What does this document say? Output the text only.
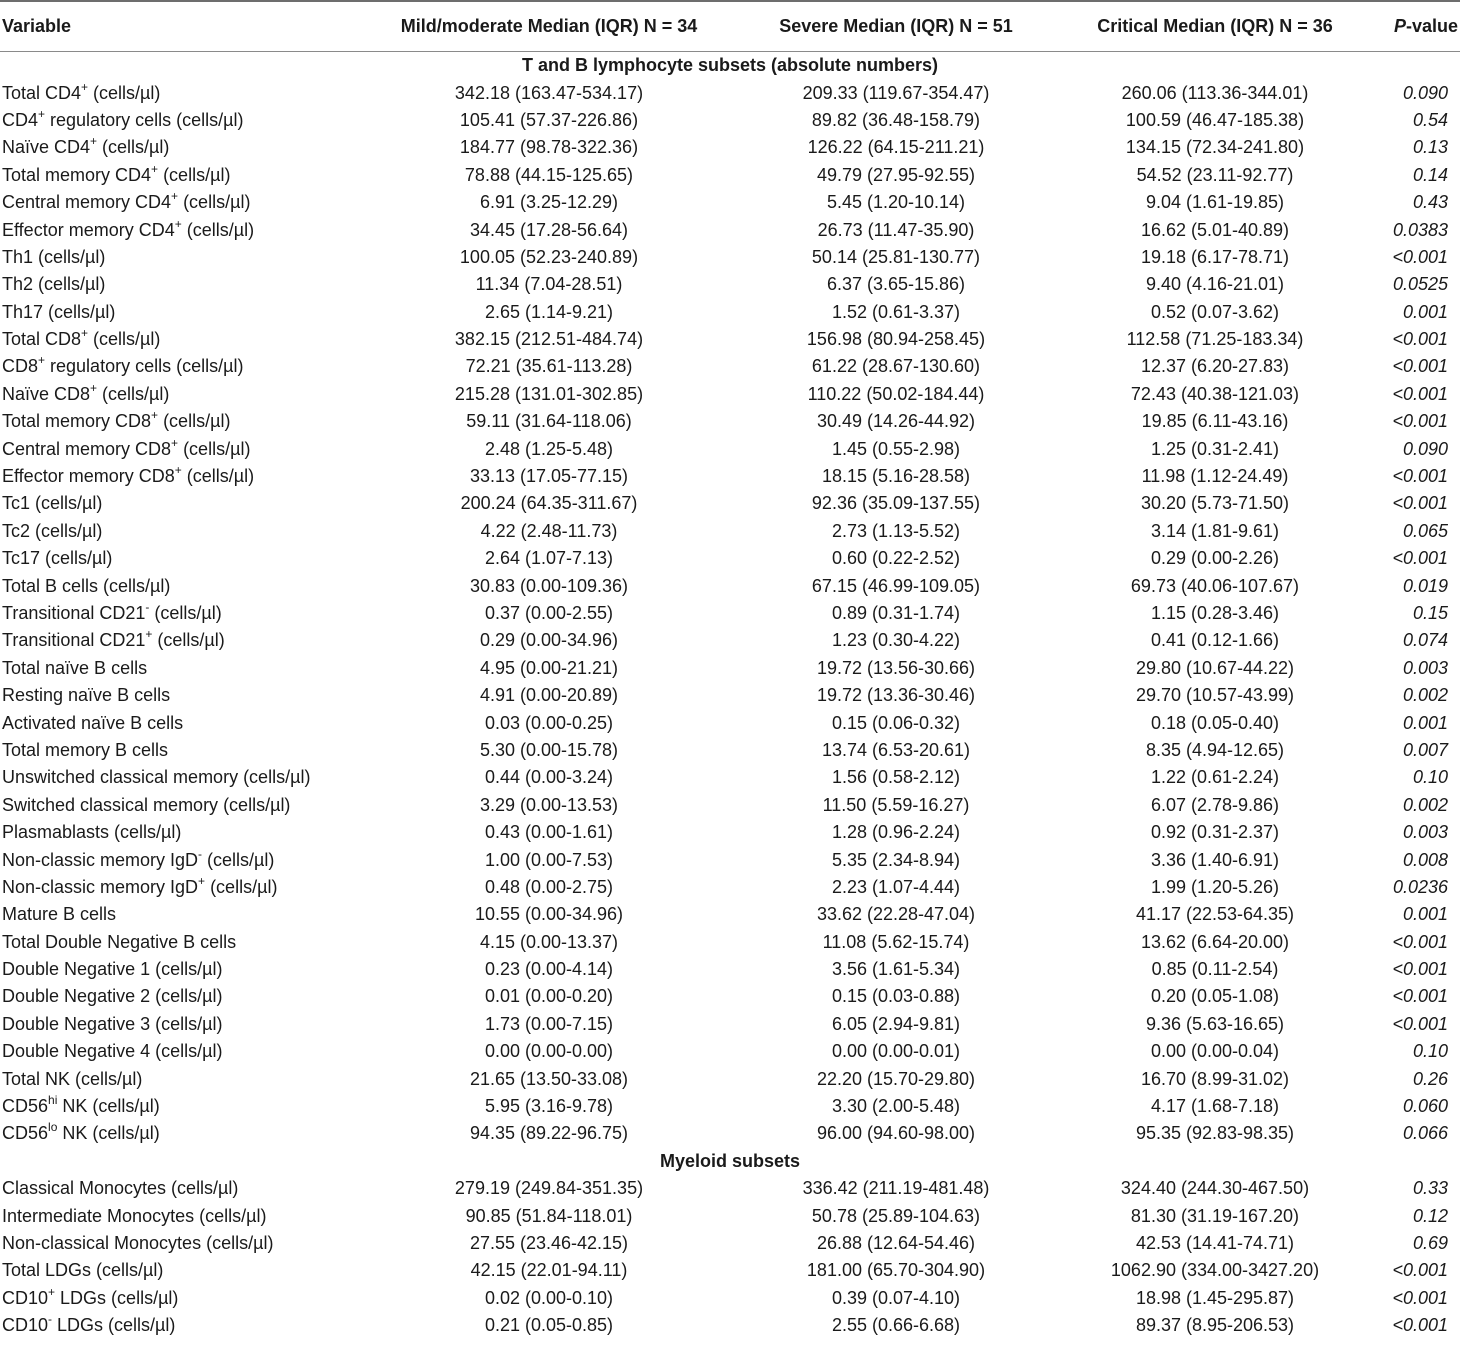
Variable	Mild/moderate Median (IQR) N = 34	Severe Median (IQR) N = 51	Critical Median (IQR) N = 36	P-value
T and B lymphocyte subsets (absolute numbers)				
Total CD4+ (cells/µl)	342.18 (163.47-534.17)	209.33 (119.67-354.47)	260.06 (113.36-344.01)	0.090
CD4+ regulatory cells (cells/µl)	105.41 (57.37-226.86)	89.82 (36.48-158.79)	100.59 (46.47-185.38)	0.54
Naïve CD4+ (cells/µl)	184.77 (98.78-322.36)	126.22 (64.15-211.21)	134.15 (72.34-241.80)	0.13
Total memory CD4+ (cells/µl)	78.88 (44.15-125.65)	49.79 (27.95-92.55)	54.52 (23.11-92.77)	0.14
Central memory CD4+ (cells/µl)	6.91 (3.25-12.29)	5.45 (1.20-10.14)	9.04 (1.61-19.85)	0.43
Effector memory CD4+ (cells/µl)	34.45 (17.28-56.64)	26.73 (11.47-35.90)	16.62 (5.01-40.89)	0.0383
Th1 (cells/µl)	100.05 (52.23-240.89)	50.14 (25.81-130.77)	19.18 (6.17-78.71)	<0.001
Th2 (cells/µl)	11.34 (7.04-28.51)	6.37 (3.65-15.86)	9.40 (4.16-21.01)	0.0525
Th17 (cells/µl)	2.65 (1.14-9.21)	1.52 (0.61-3.37)	0.52 (0.07-3.62)	0.001
Total CD8+ (cells/µl)	382.15 (212.51-484.74)	156.98 (80.94-258.45)	112.58 (71.25-183.34)	<0.001
CD8+ regulatory cells (cells/µl)	72.21 (35.61-113.28)	61.22 (28.67-130.60)	12.37 (6.20-27.83)	<0.001
Naïve CD8+ (cells/µl)	215.28 (131.01-302.85)	110.22 (50.02-184.44)	72.43 (40.38-121.03)	<0.001
Total memory CD8+ (cells/µl)	59.11 (31.64-118.06)	30.49 (14.26-44.92)	19.85 (6.11-43.16)	<0.001
Central memory CD8+ (cells/µl)	2.48 (1.25-5.48)	1.45 (0.55-2.98)	1.25 (0.31-2.41)	0.090
Effector memory CD8+ (cells/µl)	33.13 (17.05-77.15)	18.15 (5.16-28.58)	11.98 (1.12-24.49)	<0.001
Tc1 (cells/µl)	200.24 (64.35-311.67)	92.36 (35.09-137.55)	30.20 (5.73-71.50)	<0.001
Tc2 (cells/µl)	4.22 (2.48-11.73)	2.73 (1.13-5.52)	3.14 (1.81-9.61)	0.065
Tc17 (cells/µl)	2.64 (1.07-7.13)	0.60 (0.22-2.52)	0.29 (0.00-2.26)	<0.001
Total B cells (cells/µl)	30.83 (0.00-109.36)	67.15 (46.99-109.05)	69.73 (40.06-107.67)	0.019
Transitional CD21- (cells/µl)	0.37 (0.00-2.55)	0.89 (0.31-1.74)	1.15 (0.28-3.46)	0.15
Transitional CD21+ (cells/µl)	0.29 (0.00-34.96)	1.23 (0.30-4.22)	0.41 (0.12-1.66)	0.074
Total naïve B cells	4.95 (0.00-21.21)	19.72 (13.56-30.66)	29.80 (10.67-44.22)	0.003
Resting naïve B cells	4.91 (0.00-20.89)	19.72 (13.36-30.46)	29.70 (10.57-43.99)	0.002
Activated naïve B cells	0.03 (0.00-0.25)	0.15 (0.06-0.32)	0.18 (0.05-0.40)	0.001
Total memory B cells	5.30 (0.00-15.78)	13.74 (6.53-20.61)	8.35 (4.94-12.65)	0.007
Unswitched classical memory (cells/µl)	0.44 (0.00-3.24)	1.56 (0.58-2.12)	1.22 (0.61-2.24)	0.10
Switched classical memory (cells/µl)	3.29 (0.00-13.53)	11.50 (5.59-16.27)	6.07 (2.78-9.86)	0.002
Plasmablasts (cells/µl)	0.43 (0.00-1.61)	1.28 (0.96-2.24)	0.92 (0.31-2.37)	0.003
Non-classic memory IgD- (cells/µl)	1.00 (0.00-7.53)	5.35 (2.34-8.94)	3.36 (1.40-6.91)	0.008
Non-classic memory IgD+ (cells/µl)	0.48 (0.00-2.75)	2.23 (1.07-4.44)	1.99 (1.20-5.26)	0.0236
Mature B cells	10.55 (0.00-34.96)	33.62 (22.28-47.04)	41.17 (22.53-64.35)	0.001
Total Double Negative B cells	4.15 (0.00-13.37)	11.08 (5.62-15.74)	13.62 (6.64-20.00)	<0.001
Double Negative 1 (cells/µl)	0.23 (0.00-4.14)	3.56 (1.61-5.34)	0.85 (0.11-2.54)	<0.001
Double Negative 2 (cells/µl)	0.01 (0.00-0.20)	0.15 (0.03-0.88)	0.20 (0.05-1.08)	<0.001
Double Negative 3 (cells/µl)	1.73 (0.00-7.15)	6.05 (2.94-9.81)	9.36 (5.63-16.65)	<0.001
Double Negative 4 (cells/µl)	0.00 (0.00-0.00)	0.00 (0.00-0.01)	0.00 (0.00-0.04)	0.10
Total NK (cells/µl)	21.65 (13.50-33.08)	22.20 (15.70-29.80)	16.70 (8.99-31.02)	0.26
$CD56^{hi}$ NK (cells/µl)	5.95 (3.16-9.78)	3.30 (2.00-5.48)	4.17 (1.68-7.18)	0.060
$CD56^{lo}$ NK (cells/µl)	94.35 (89.22-96.75)	96.00 (94.60-98.00)	95.35 (92.83-98.35)	0.066
Myeloid subsets				
Classical Monocytes (cells/µl)	279.19 (249.84-351.35)	336.42 (211.19-481.48)	324.40 (244.30-467.50)	0.33
Intermediate Monocytes (cells/µl)	90.85 (51.84-118.01)	50.78 (25.89-104.63)	81.30 (31.19-167.20)	0.12
Non-classical Monocytes (cells/µl)	27.55 (23.46-42.15)	26.88 (12.64-54.46)	42.53 (14.41-74.71)	0.69
Total LDGs (cells/µl)	42.15 (22.01-94.11)	181.00 (65.70-304.90)	1062.90 (334.00-3427.20)	<0.001
CD10+ LDGs (cells/µl)	0.02 (0.00-0.10)	0.39 (0.07-4.10)	18.98 (1.45-295.87)	<0.001
CD10- LDGs (cells/µl)	0.21 (0.05-0.85)	2.55 (0.66-6.68)	89.37 (8.95-206.53)	<0.001
